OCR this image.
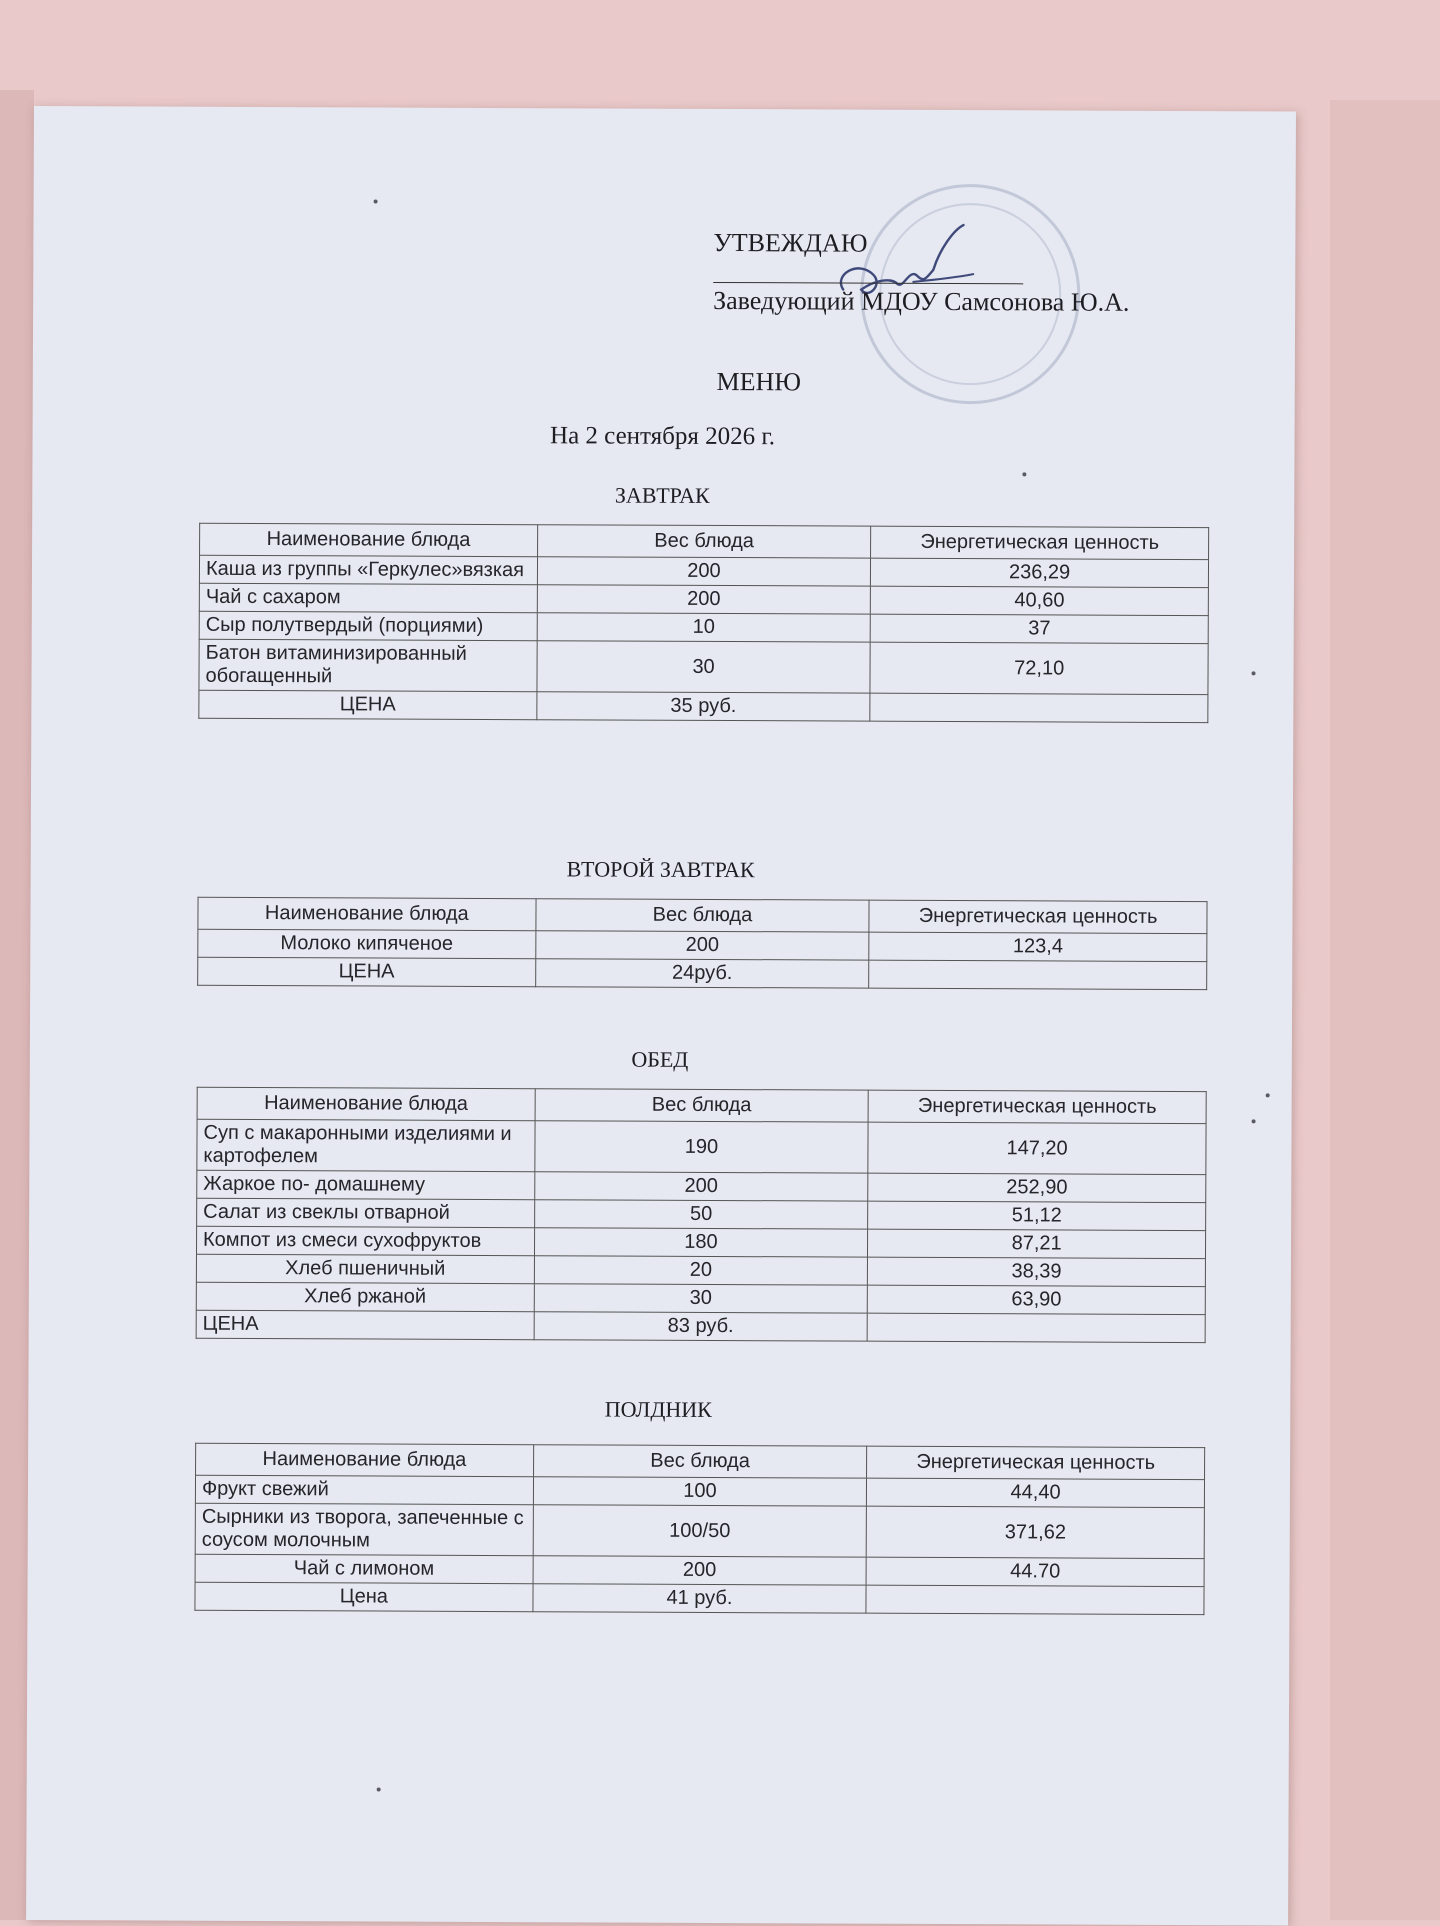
УТВЕЖДАЮ
Заведующий МДОУ Самсонова Ю.А.
МЕНЮ
На 2 сентября 2026 г.
ЗАВТРАК
Наименование блюда	Вес блюда	Энергетическая ценность
Каша из группы «Геркулес»вязкая	200	236,29
Чай с сахаром	200	40,60
Сыр полутвердый (порциями)	10	37
Батон витаминизированный обогащенный	30	72,10
ЦЕНА	35 руб.	
ВТОРОЙ ЗАВТРАК
Наименование блюда	Вес блюда	Энергетическая ценность
Молоко кипяченое	200	123,4
ЦЕНА	24руб.	
ОБЕД
Наименование блюда	Вес блюда	Энергетическая ценность
Суп с макаронными изделиями и картофелем	190	147,20
Жаркое по- домашнему	200	252,90
Салат из свеклы отварной	50	51,12
Компот из смеси сухофруктов	180	87,21
Хлеб пшеничный	20	38,39
Хлеб ржаной	30	63,90
ЦЕНА	83 руб.	
ПОЛДНИК
Наименование блюда	Вес блюда	Энергетическая ценность
Фрукт свежий	100	44,40
Сырники из творога, запеченные с соусом молочным	100/50	371,62
Чай с лимоном	200	44.70
Цена	41 руб.	
